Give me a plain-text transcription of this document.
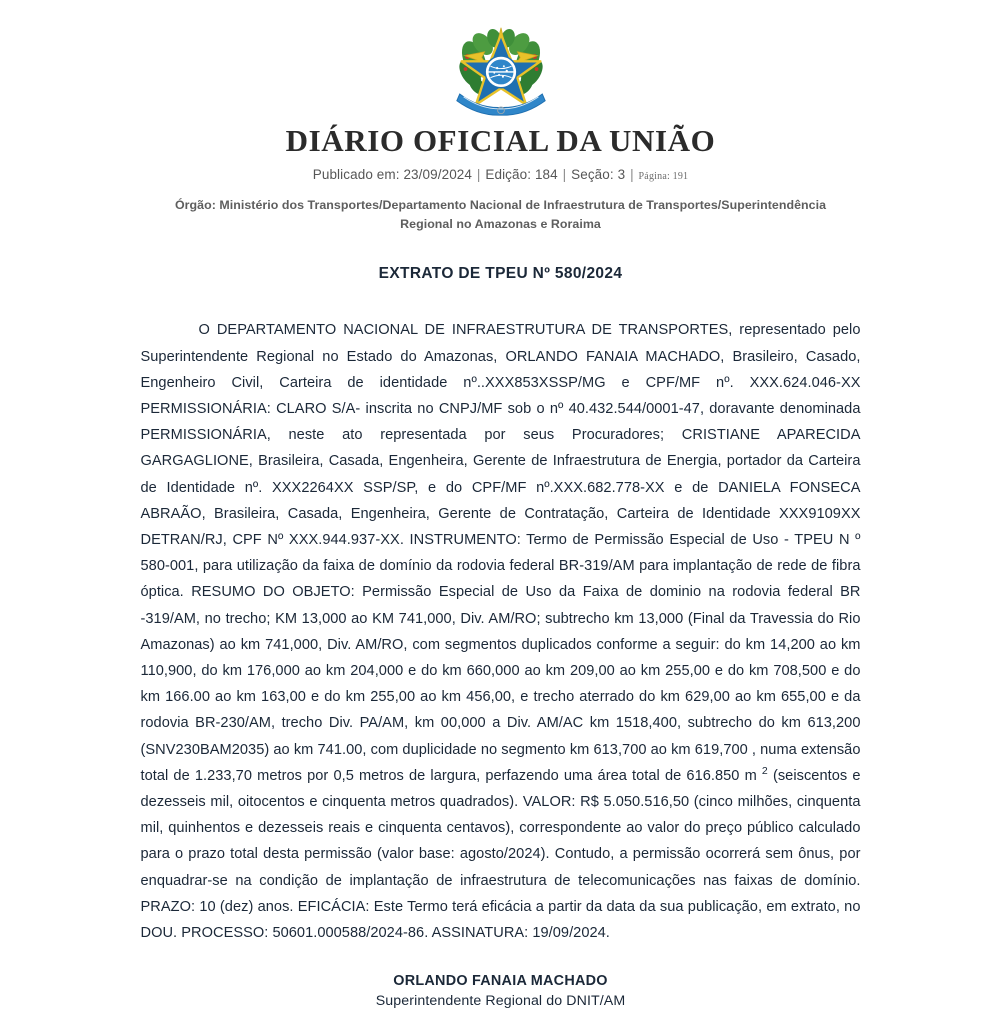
DIÁRIO OFICIAL DA UNIÃO
Publicado em: 23/09/2024 | Edição: 184 | Seção: 3 | Página: 191
Órgão: Ministério dos Transportes/Departamento Nacional de Infraestrutura de Transportes/Superintendência Regional no Amazonas e Roraima
EXTRATO DE TPEU Nº 580/2024

O DEPARTAMENTO NACIONAL DE INFRAESTRUTURA DE TRANSPORTES, representado pelo Superintendente Regional no Estado do Amazonas, ORLANDO FANAIA MACHADO, Brasileiro, Casado, Engenheiro Civil, Carteira de identidade nº..XXX853XSSP/MG e CPF/MF nº. XXX.624.046-XX PERMISSIONÁRIA: CLARO S/A- inscrita no CNPJ/MF sob o nº 40.432.544/0001-47, doravante denominada PERMISSIONÁRIA, neste ato representada por seus Procuradores; CRISTIANE APARECIDA GARGAGLIONE, Brasileira, Casada, Engenheira, Gerente de Infraestrutura de Energia, portador da Carteira de Identidade nº. XXX2264XX SSP/SP, e do CPF/MF nº.XXX.682.778-XX e de DANIELA FONSECA ABRAÃO, Brasileira, Casada, Engenheira, Gerente de Contratação, Carteira de Identidade XXX9109XX DETRAN/RJ, CPF Nº XXX.944.937-XX. INSTRUMENTO: Termo de Permissão Especial de Uso - TPEU N º 580-001, para utilização da faixa de domínio da rodovia federal BR-319/AM para implantação de rede de fibra óptica. RESUMO DO OBJETO: Permissão Especial de Uso da Faixa de dominio na rodovia federal BR -319/AM, no trecho; KM 13,000 ao KM 741,000, Div. AM/RO; subtrecho km 13,000 (Final da Travessia do Rio Amazonas) ao km 741,000, Div. AM/RO, com segmentos duplicados conforme a seguir: do km 14,200 ao km 110,900, do km 176,000 ao km 204,000 e do km 660,000 ao km 209,00 ao km 255,00 e do km 708,500 e do km 166.00 ao km 163,00 e do km 255,00 ao km 456,00, e trecho aterrado do km 629,00 ao km 655,00 e da rodovia BR-230/AM, trecho Div. PA/AM, km 00,000 a Div. AM/AC km 1518,400, subtrecho do km 613,200 (SNV230BAM2035) ao km 741.00, com duplicidade no segmento km 613,700 ao km 619,700 , numa extensão total de 1.233,70 metros por 0,5 metros de largura, perfazendo uma área total de 616.850 m $^2$ (seiscentos e dezesseis mil, oitocentos e cinquenta metros quadrados). VALOR: R$ 5.050.516,50 (cinco milhões, cinquenta mil, quinhentos e dezesseis reais e cinquenta centavos), correspondente ao valor do preço público calculado para o prazo total desta permissão (valor base: agosto/2024). Contudo, a permissão ocorrerá sem ônus, por enquadrar-se na condição de implantação de infraestrutura de telecomunicações nas faixas de domínio. PRAZO: 10 (dez) anos. EFICÁCIA: Este Termo terá eficácia a partir da data da sua publicação, em extrato, no DOU. PROCESSO: 50601.000588/2024-86. ASSINATURA: 19/09/2024.

ORLANDO FANAIA MACHADO
Superintendente Regional do DNIT/AM
